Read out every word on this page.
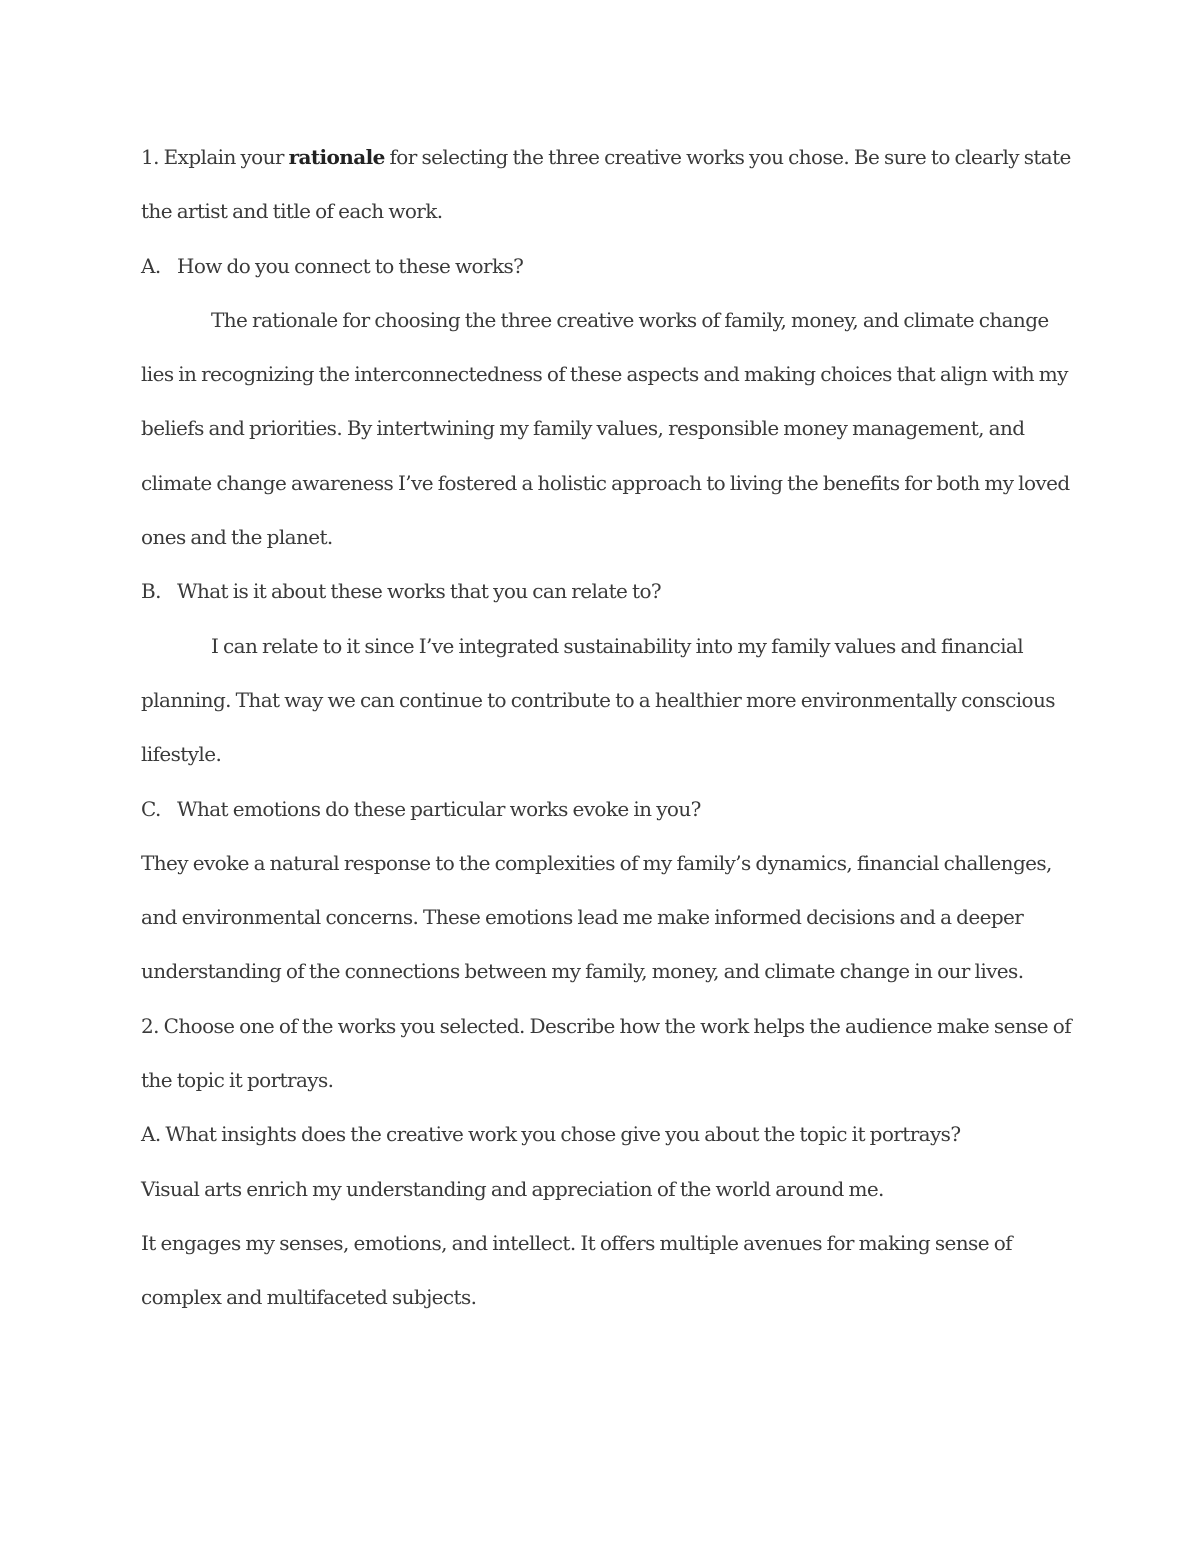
1. Explain your rationale for selecting the three creative works you chose. Be sure to clearly state the artist and title of each work.

A. How do you connect to these works?

The rationale for choosing the three creative works of family, money, and climate change lies in recognizing the interconnectedness of these aspects and making choices that align with my beliefs and priorities. By intertwining my family values, responsible money management, and climate change awareness I’ve fostered a holistic approach to living the benefits for both my loved ones and the planet.

B. What is it about these works that you can relate to?

I can relate to it since I’ve integrated sustainability into my family values and financial planning. That way we can continue to contribute to a healthier more environmentally conscious lifestyle.

C. What emotions do these particular works evoke in you?

They evoke a natural response to the complexities of my family’s dynamics, financial challenges, and environmental concerns. These emotions lead me make informed decisions and a deeper understanding of the connections between my family, money, and climate change in our lives.

2. Choose one of the works you selected. Describe how the work helps the audience make sense of the topic it portrays.

A. What insights does the creative work you chose give you about the topic it portrays?

Visual arts enrich my understanding and appreciation of the world around me.

It engages my senses, emotions, and intellect. It offers multiple avenues for making sense of complex and multifaceted subjects.
